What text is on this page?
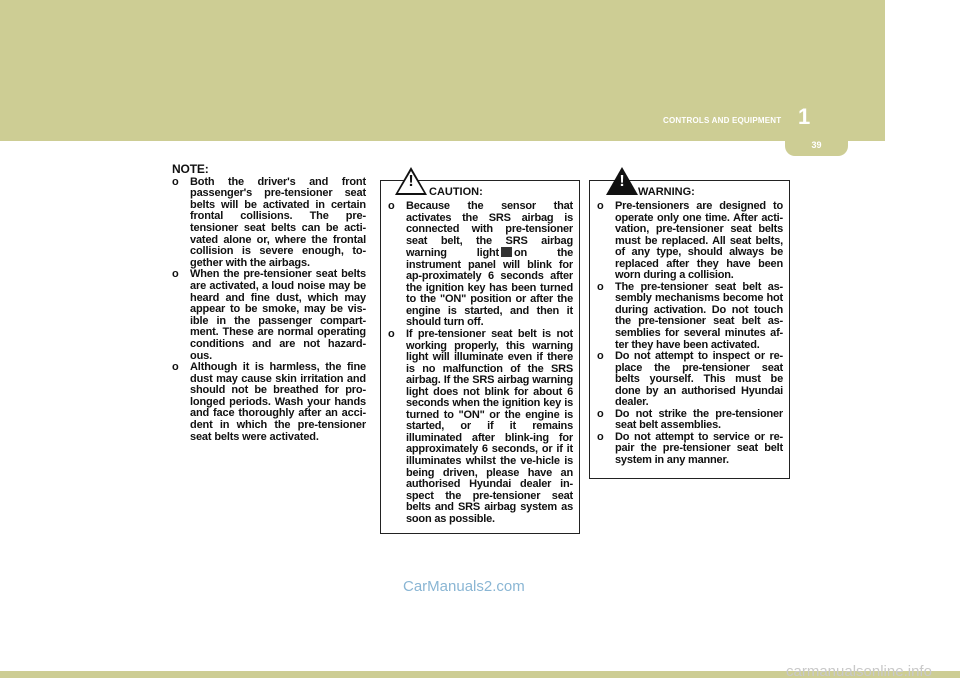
CONTROLS AND EQUIPMENT 1
39
NOTE:

o Both the driver's and front passenger's pre-tensioner seat belts will be activated in certain frontal collisions. The pre-tensioner seat belts can be acti-vated alone or, where the frontal collision is severe enough, to-gether with the airbags.

o When the pre-tensioner seat belts are activated, a loud noise may be heard and fine dust, which may appear to be smoke, may be vis-ible in the passenger compart-ment. These are normal operating conditions and are not hazard-ous.

o Although it is harmless, the fine dust may cause skin irritation and should not be breathed for pro-longed periods. Wash your hands and face thoroughly after an acci-dent in which the pre-tensioner seat belts were activated.

!
CAUTION:

o Because the sensor that activates the SRS airbag is connected with pre-tensioner seat belt, the SRS airbag warning light on the instrument panel will blink for ap-proximately 6 seconds after the ignition key has been turned to the "ON" position or after the engine is started, and then it should turn off.

o If pre-tensioner seat belt is not working properly, this warning light will illuminate even if there is no malfunction of the SRS airbag. If the SRS airbag warning light does not blink for about 6 seconds when the ignition key is turned to "ON" or the engine is started, or if it remains illuminated after blink-ing for approximately 6 seconds, or if it illuminates whilst the ve-hicle is being driven, please have an authorised Hyundai dealer in-spect the pre-tensioner seat belts and SRS airbag system as soon as possible.

!
WARNING:

o Pre-tensioners are designed to operate only one time. After acti-vation, pre-tensioner seat belts must be replaced. All seat belts, of any type, should always be replaced after they have been worn during a collision.

o The pre-tensioner seat belt as-sembly mechanisms become hot during activation. Do not touch the pre-tensioner seat belt as-semblies for several minutes af-ter they have been activated.

o Do not attempt to inspect or re-place the pre-tensioner seat belts yourself. This must be done by an authorised Hyundai dealer.

o Do not strike the pre-tensioner seat belt assemblies.

o Do not attempt to service or re-pair the pre-tensioner seat belt system in any manner.

CarManuals2.com
carmanualsonline.info
